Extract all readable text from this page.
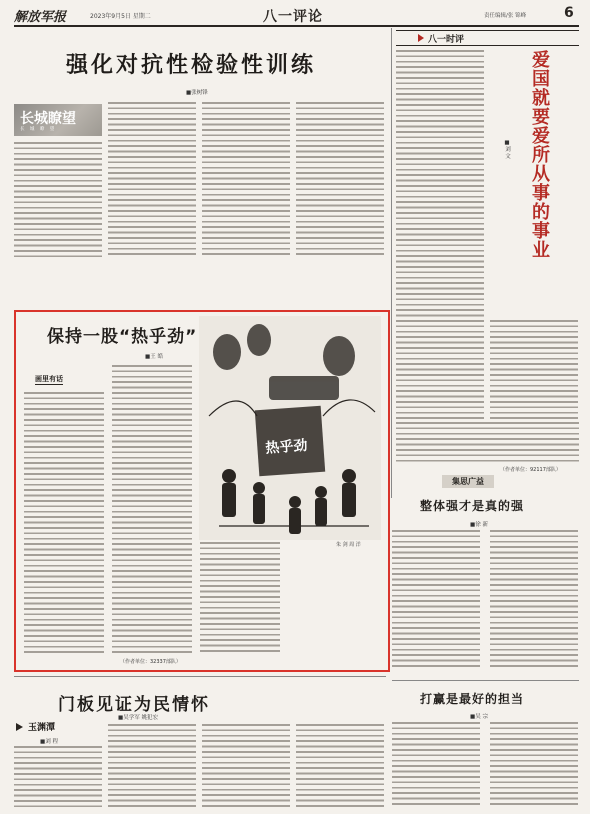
解放军报	2023年9月5日 星期二	八一评论	责任编辑/张 锦峰	6
强化对抗性检验性训练
■张树锋
长城瞭望
长 城 瞭 望
八一时评
爱国就要爱所从事的事业
■刘 文
（作者单位：92117部队）
保持一股“热乎劲”
■王 皓
画里有话
热乎劲
朱 剑 周 洋
（作者单位：32337部队）
集思广益
整体强才是真的强
■徐 新
打赢是最好的担当
■吴 宗
门板见证为民情怀
■吴学军 姚犯宏
玉渊潭
■刘 程
